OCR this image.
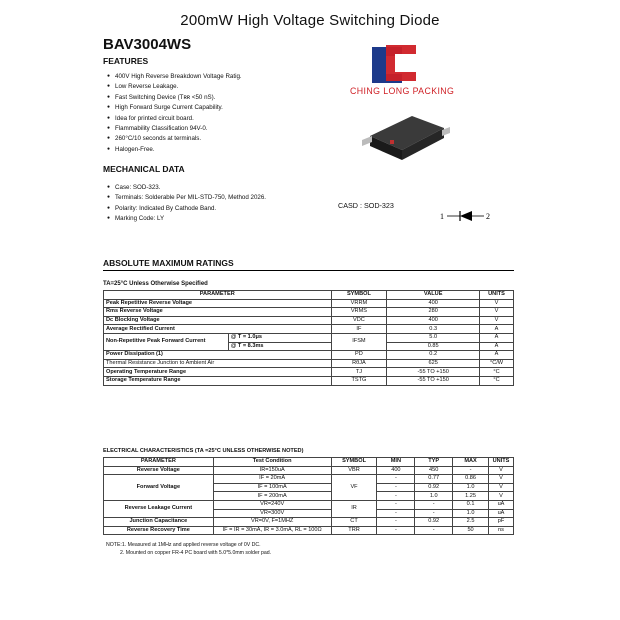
200mW High Voltage Switching Diode
BAV3004WS
FEATURES
● 400V High Reverse Breakdown Voltage Ratig.
● Low Reverse Leakage.
● Fast Switching Device (Tʀʀ <50 nS).
● High Forward Surge Current Capability.
● Idea for printed circuit board.
● Flammability Classification 94V-0.
● 260°C/10 seconds at terminals.
● Halogen-Free.
MECHANICAL DATA
● Case: SOD-323.
● Terminals: Solderable Per MIL-STD-750, Method 2026.
● Polarity: Indicated By Cathode Band.
● Marking Code: LY
CHING LONG PACKING
CASD : SOD-323
1	2
ABSOLUTE MAXIMUM RATINGS
TA=25°C Unless Otherwise Specified
PARAMETER		SYMBOL	VALUE	UNITS
Peak Repetitive Reverse Voltage		VRRM	400	V
Rms Reverse Voltage		VRMS	280	V
Dc Blocking Voltage		VDC	400	V
Average Rectified Current		IF	0.3	A
Non-Repetitive Peak Forward Current	@ T = 1.0μs	IFSM	5.0	A
	@ T = 8.3ms		0.85	A
Power Dissipation (1)		PD	0.2	A
Thermal Resistance Junction to Ambient Air		RθJA	625	°C/W
Operating Temperature Range		TJ	-55 TO +150	°C
Storage Temperature Range		TSTG	-55 TO +150	°C
ELECTRICAL CHARACTERISTICS (TA =25°C UNLESS OTHERWISE NOTED)
PARAMETER	Test Condition	SYMBOL	MIN	TYP	MAX	UNITS
Reverse Voltage	IR=150uA	VBR	400	450	-	V
Forward Voltage	IF = 20mA	VF	-	0.77	0.86	V
	IF = 100mA		-	0.92	1.0	V
	IF = 200mA		-	1.0	1.25	V
Reverse Leakage Current	VR=240V	IR	-	-	0.1	uA
	VR=300V		-	-	1.0	uA
Junction Capacitance	VR=0V, F=1MHZ	CT	-	0.92	2.5	pF
Reverse Recovery Time	IF = IR = 30mA, IR = 3.0mA, RL = 100Ω	TRR	-	-	50	ns
NOTE:1. Measured at 1MHz and applied reverse voltage of 0V DC.
2. Mounted on copper FR-4 PC board with 5.0*5.0mm solder pad.
